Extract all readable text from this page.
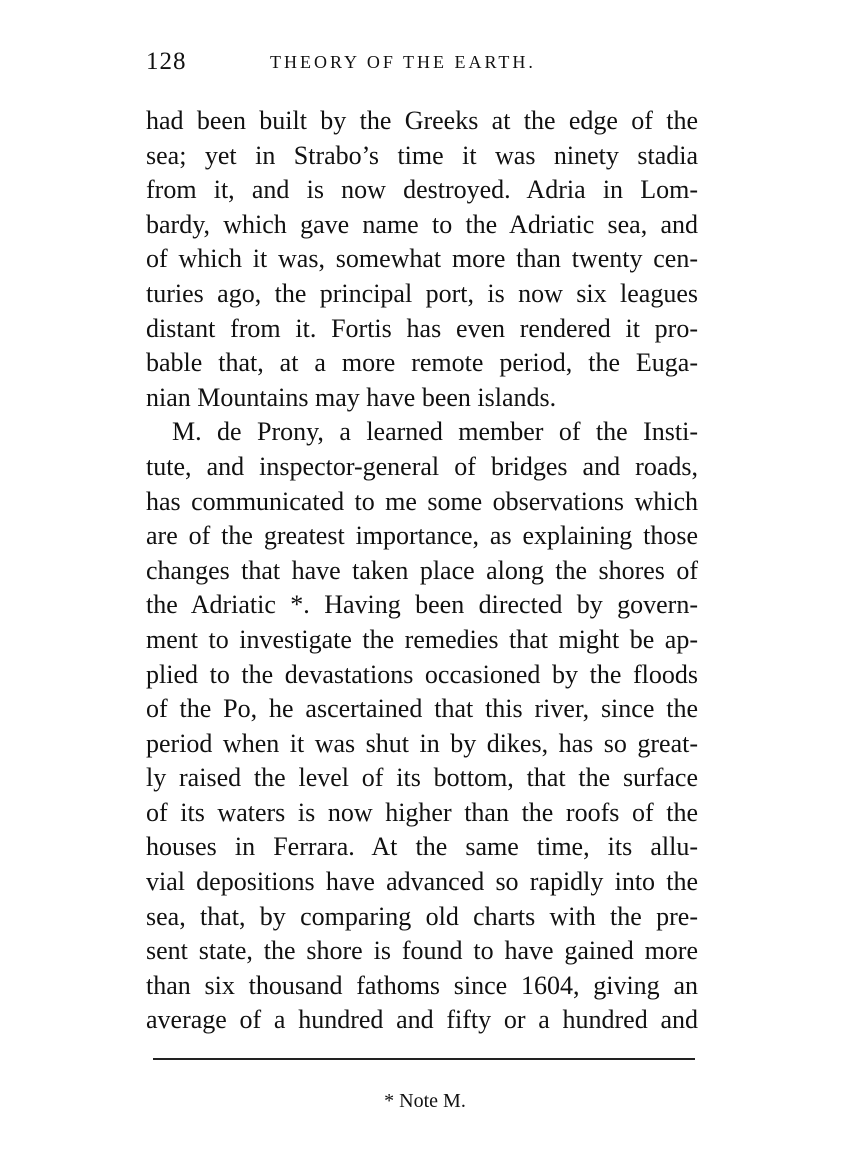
128	THEORY OF THE EARTH.
had been built by the Greeks at the edge of the
sea; yet in Strabo’s time it was ninety stadia
from it, and is now destroyed. Adria in Lom-
bardy, which gave name to the Adriatic sea, and
of which it was, somewhat more than twenty cen-
turies ago, the principal port, is now six leagues
distant from it. Fortis has even rendered it pro-
bable that, at a more remote period, the Euga-
nian Mountains may have been islands.
M. de Prony, a learned member of the Insti-
tute, and inspector-general of bridges and roads,
has communicated to me some observations which
are of the greatest importance, as explaining those
changes that have taken place along the shores of
the Adriatic *. Having been directed by govern-
ment to investigate the remedies that might be ap-
plied to the devastations occasioned by the floods
of the Po, he ascertained that this river, since the
period when it was shut in by dikes, has so great-
ly raised the level of its bottom, that the surface
of its waters is now higher than the roofs of the
houses in Ferrara. At the same time, its allu-
vial depositions have advanced so rapidly into the
sea, that, by comparing old charts with the pre-
sent state, the shore is found to have gained more
than six thousand fathoms since 1604, giving an
average of a hundred and fifty or a hundred and
* Note M.
